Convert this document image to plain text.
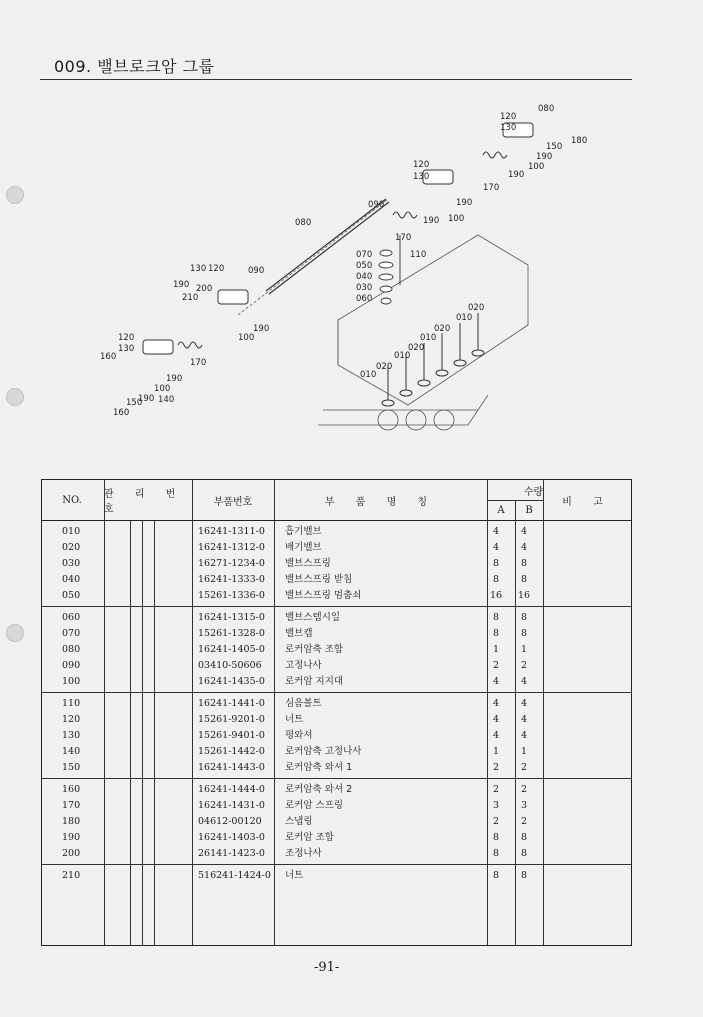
009. 밸브로크암 그룹
080
120
130
180
150
190
100
190
170
120
130
190
190 100
090
080
170
110
070
050
040
030
060
020
010
020
010
020
010
020
010
090
130 120
190 200
210
190
100
170
120
130
160
190
100
150
190 140
160
NO.	관 리 번 호
부품번호	부 품 명 칭
수량
A	B
비 고
010	16241-1311-0	흡기밸브	4	4
020	16241-1312-0	배기밸브	4	4
030	16271-1234-0	밸브스프링	8	8
040	16241-1333-0	밸브스프링 받침	8	8
050	15261-1336-0	밸브스프링 멈춤쇠	16	16
060	16241-1315-0	밸브스템시일	8	8
070	15261-1328-0	밸브캡	8	8
080	16241-1405-0	로커암축 조합	1	1
090	03410-50606	고정나사	2	2
100	16241-1435-0	로커암 지지대	4	4
110	16241-1441-0	심음볼트	4	4
120	15261-9201-0	너트	4	4
130	15261-9401-0	평와셔	4	4
140	15261-1442-0	로커암축 고정나사	1	1
150	16241-1443-0	로커암축 와셔 1	2	2
160	16241-1444-0	로커암축 와셔 2	2	2
170	16241-1431-0	로커암 스프링	3	3
180	04612-00120	스냅링	2	2
190	16241-1403-0	로커암 조합	8	8
200	26141-1423-0	조정나사	8	8
210	516241-1424-0	너트	8	8
-91-
